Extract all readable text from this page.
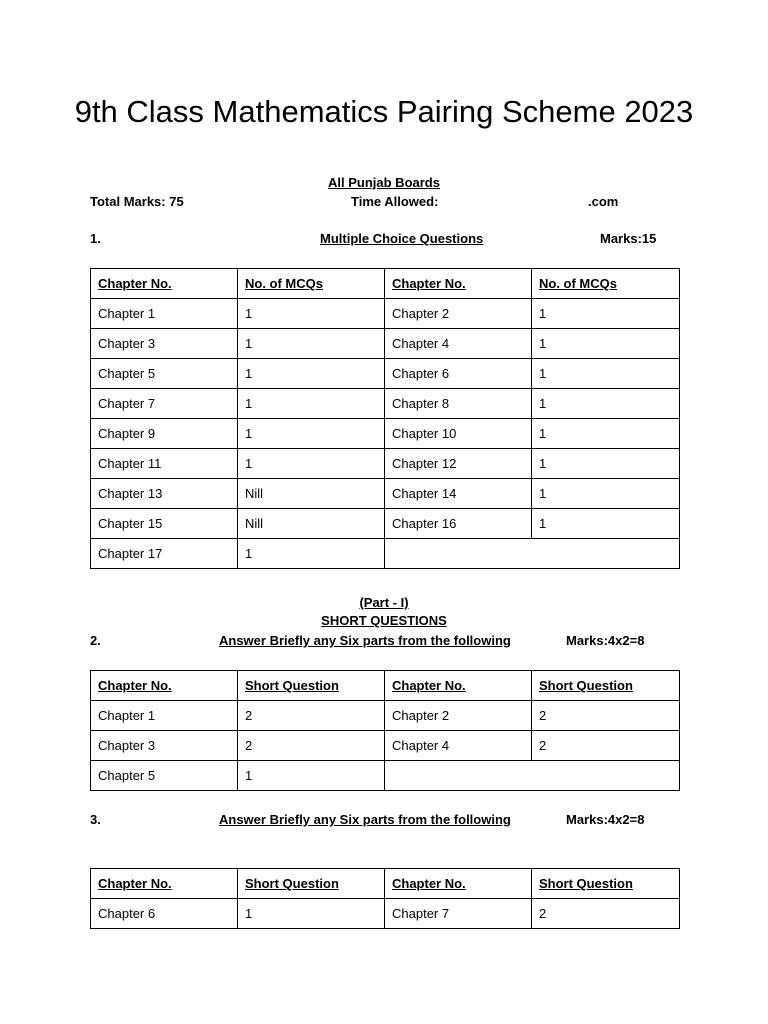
9th Class Mathematics Pairing Scheme 2023
All Punjab Boards
Total Marks: 75	Time Allowed:	.com
1.	Multiple Choice Questions	Marks:15
Chapter No.	No. of MCQs	Chapter No.	No. of MCQs
Chapter 1	1	Chapter 2	1
Chapter 3	1	Chapter 4	1
Chapter 5	1	Chapter 6	1
Chapter 7	1	Chapter 8	1
Chapter 9	1	Chapter 10	1
Chapter 11	1	Chapter 12	1
Chapter 13	Nill	Chapter 14	1
Chapter 15	Nill	Chapter 16	1
Chapter 17	1		
(Part - I)
SHORT QUESTIONS
2.	Answer Briefly any Six parts from the following	Marks:4x2=8
Chapter No.	Short Question	Chapter No.	Short Question
Chapter 1	2	Chapter 2	2
Chapter 3	2	Chapter 4	2
Chapter 5	1		
3.	Answer Briefly any Six parts from the following	Marks:4x2=8
Chapter No.	Short Question	Chapter No.	Short Question
Chapter 6	1	Chapter 7	2
